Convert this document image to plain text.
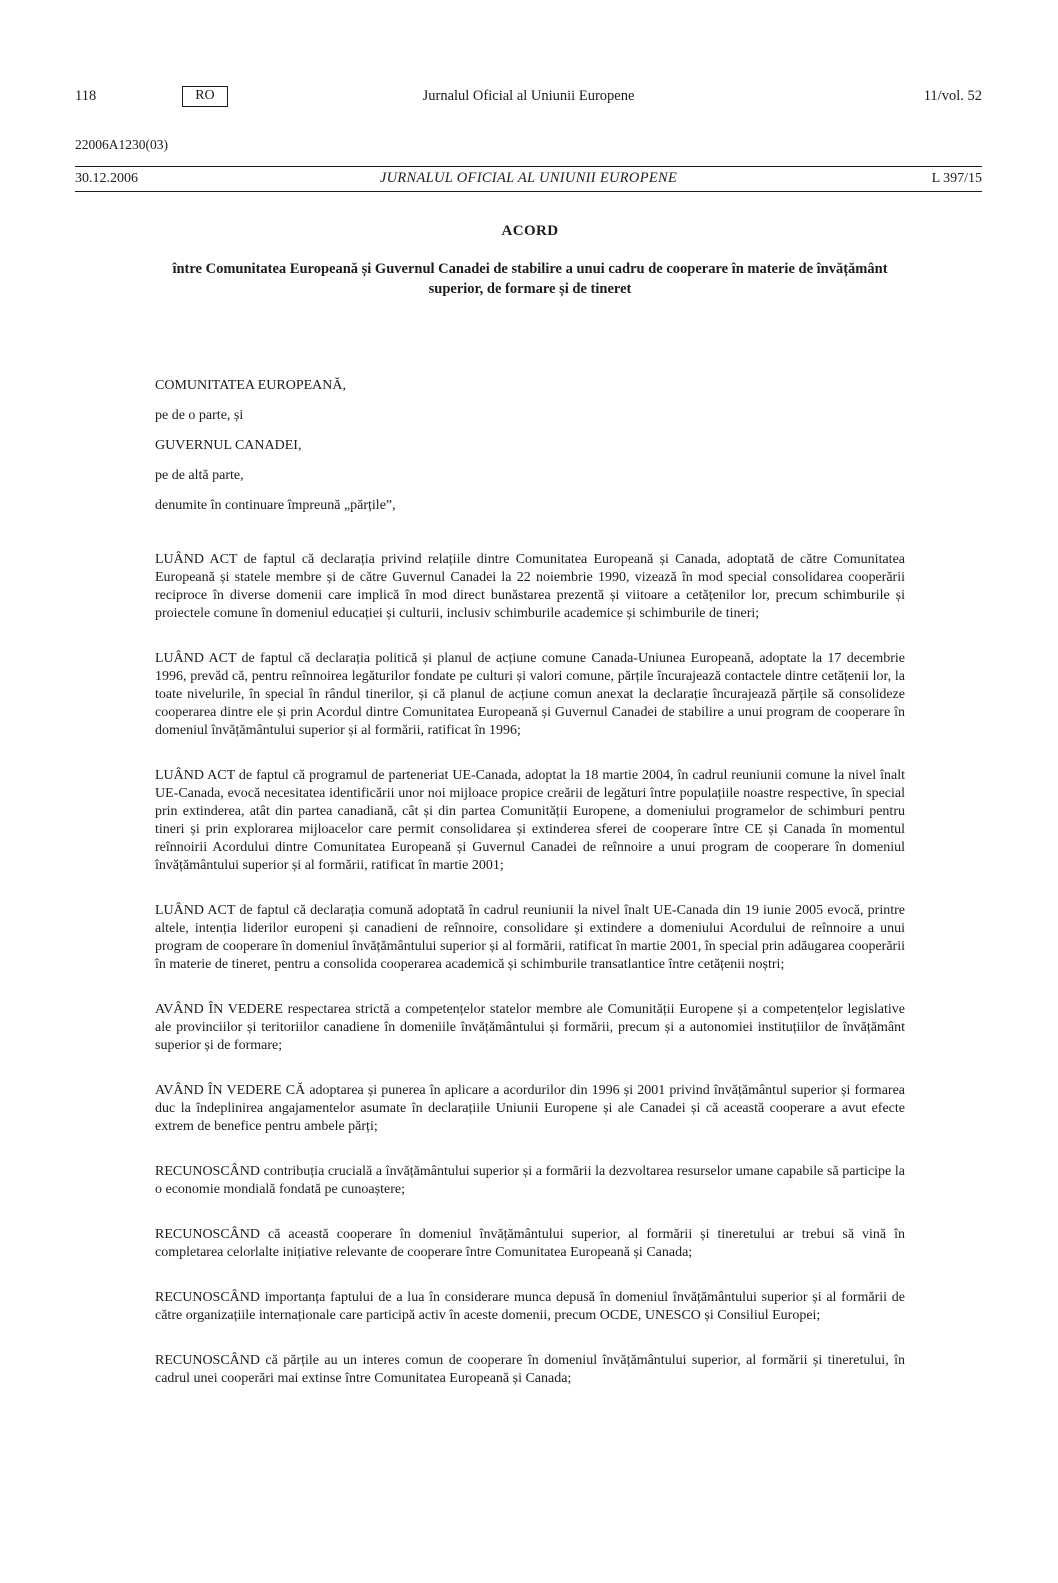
118	RO	Jurnalul Oficial al Uniunii Europene	11/vol. 52
22006A1230(03)
30.12.2006	JURNALUL OFICIAL AL UNIUNII EUROPENE	L 397/15
ACORD
între Comunitatea Europeană și Guvernul Canadei de stabilire a unui cadru de cooperare în materie de învățământ superior, de formare și de tineret

COMUNITATEA EUROPEANĂ,

pe de o parte, și

GUVERNUL CANADEI,

pe de altă parte,

denumite în continuare împreună „părțile”,

LUÂND ACT de faptul că declarația privind relațiile dintre Comunitatea Europeană și Canada, adoptată de către Comunitatea Europeană și statele membre și de către Guvernul Canadei la 22 noiembrie 1990, vizează în mod special consolidarea cooperării reciproce în diverse domenii care implică în mod direct bunăstarea prezentă și viitoare a cetățenilor lor, precum schimburile și proiectele comune în domeniul educației și culturii, inclusiv schimburile academice și schimburile de tineri;

LUÂND ACT de faptul că declarația politică și planul de acțiune comune Canada-Uniunea Europeană, adoptate la 17 decembrie 1996, prevăd că, pentru reînnoirea legăturilor fondate pe culturi și valori comune, părțile încurajează contactele dintre cetățenii lor, la toate nivelurile, în special în rândul tinerilor, și că planul de acțiune comun anexat la declarație încurajează părțile să consolideze cooperarea dintre ele și prin Acordul dintre Comunitatea Europeană și Guvernul Canadei de stabilire a unui program de cooperare în domeniul învățământului superior și al formării, ratificat în 1996;

LUÂND ACT de faptul că programul de parteneriat UE-Canada, adoptat la 18 martie 2004, în cadrul reuniunii comune la nivel înalt UE-Canada, evocă necesitatea identificării unor noi mijloace propice creării de legături între populațiile noastre respective, în special prin extinderea, atât din partea canadiană, cât și din partea Comunității Europene, a domeniului programelor de schimburi pentru tineri și prin explorarea mijloacelor care permit consolidarea și extinderea sferei de cooperare între CE și Canada în momentul reînnoirii Acordului dintre Comunitatea Europeană și Guvernul Canadei de reînnoire a unui program de cooperare în domeniul învățământului superior și al formării, ratificat în martie 2001;

LUÂND ACT de faptul că declarația comună adoptată în cadrul reuniunii la nivel înalt UE-Canada din 19 iunie 2005 evocă, printre altele, intenția liderilor europeni și canadieni de reînnoire, consolidare și extindere a domeniului Acordului de reînnoire a unui program de cooperare în domeniul învățământului superior și al formării, ratificat în martie 2001, în special prin adăugarea cooperării în materie de tineret, pentru a consolida cooperarea academică și schimburile transatlantice între cetățenii noștri;

AVÂND ÎN VEDERE respectarea strictă a competențelor statelor membre ale Comunității Europene și a competențelor legislative ale provinciilor și teritoriilor canadiene în domeniile învățământului și formării, precum și a autonomiei instituțiilor de învățământ superior și de formare;

AVÂND ÎN VEDERE CĂ adoptarea și punerea în aplicare a acordurilor din 1996 și 2001 privind învățământul superior și formarea duc la îndeplinirea angajamentelor asumate în declarațiile Uniunii Europene și ale Canadei și că această cooperare a avut efecte extrem de benefice pentru ambele părți;

RECUNOSCÂND contribuția crucială a învățământului superior și a formării la dezvoltarea resurselor umane capabile să participe la o economie mondială fondată pe cunoaștere;

RECUNOSCÂND că această cooperare în domeniul învățământului superior, al formării și tineretului ar trebui să vină în completarea celorlalte inițiative relevante de cooperare între Comunitatea Europeană și Canada;

RECUNOSCÂND importanța faptului de a lua în considerare munca depusă în domeniul învățământului superior și al formării de către organizațiile internaționale care participă activ în aceste domenii, precum OCDE, UNESCO și Consiliul Europei;

RECUNOSCÂND că părțile au un interes comun de cooperare în domeniul învățământului superior, al formării și tineretului, în cadrul unei cooperări mai extinse între Comunitatea Europeană și Canada;
